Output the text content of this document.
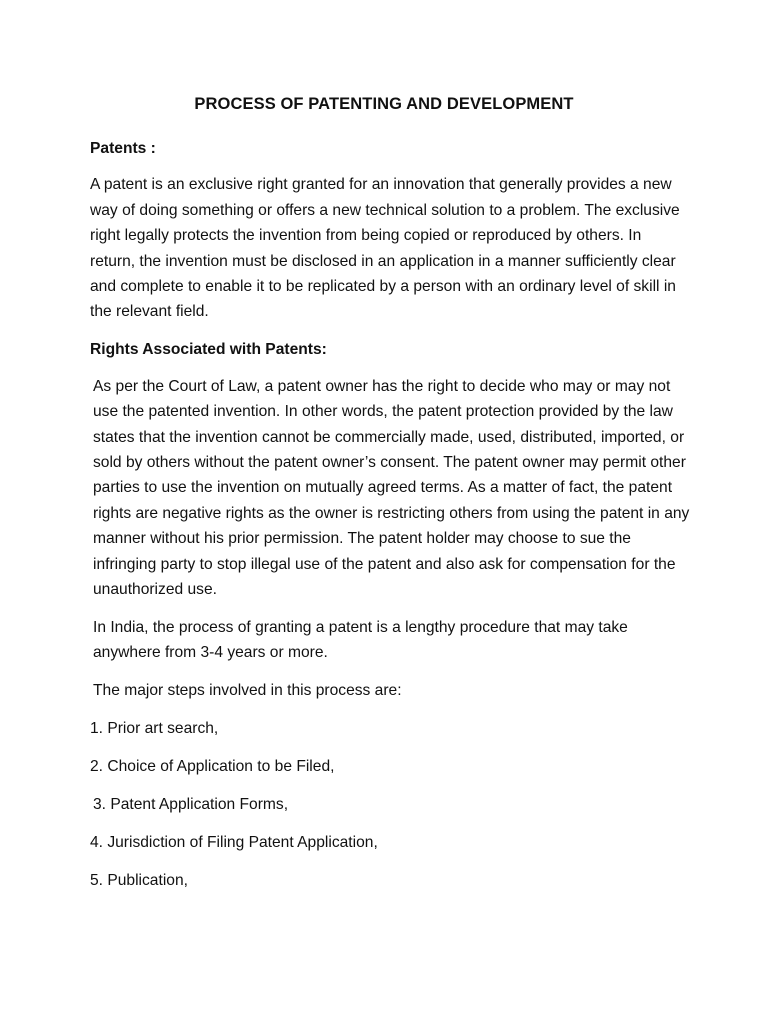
PROCESS OF PATENTING AND DEVELOPMENT

Patents :

A patent is an exclusive right granted for an innovation that generally provides a new way of doing something or offers a new technical solution to a problem. The exclusive right legally protects the invention from being copied or reproduced by others. In return, the invention must be disclosed in an application in a manner sufficiently clear and complete to enable it to be replicated by a person with an ordinary level of skill in the relevant field.

Rights Associated with Patents:

As per the Court of Law, a patent owner has the right to decide who may or may not use the patented invention. In other words, the patent protection provided by the law states that the invention cannot be commercially made, used, distributed, imported, or sold by others without the patent owner’s consent. The patent owner may permit other parties to use the invention on mutually agreed terms. As a matter of fact, the patent rights are negative rights as the owner is restricting others from using the patent in any manner without his prior permission. The patent holder may choose to sue the infringing party to stop illegal use of the patent and also ask for compensation for the unauthorized use.

In India, the process of granting a patent is a lengthy procedure that may take anywhere from 3-4 years or more.

The major steps involved in this process are:

1. Prior art search,

2. Choice of Application to be Filed,

3. Patent Application Forms,

4. Jurisdiction of Filing Patent Application,

5. Publication,
